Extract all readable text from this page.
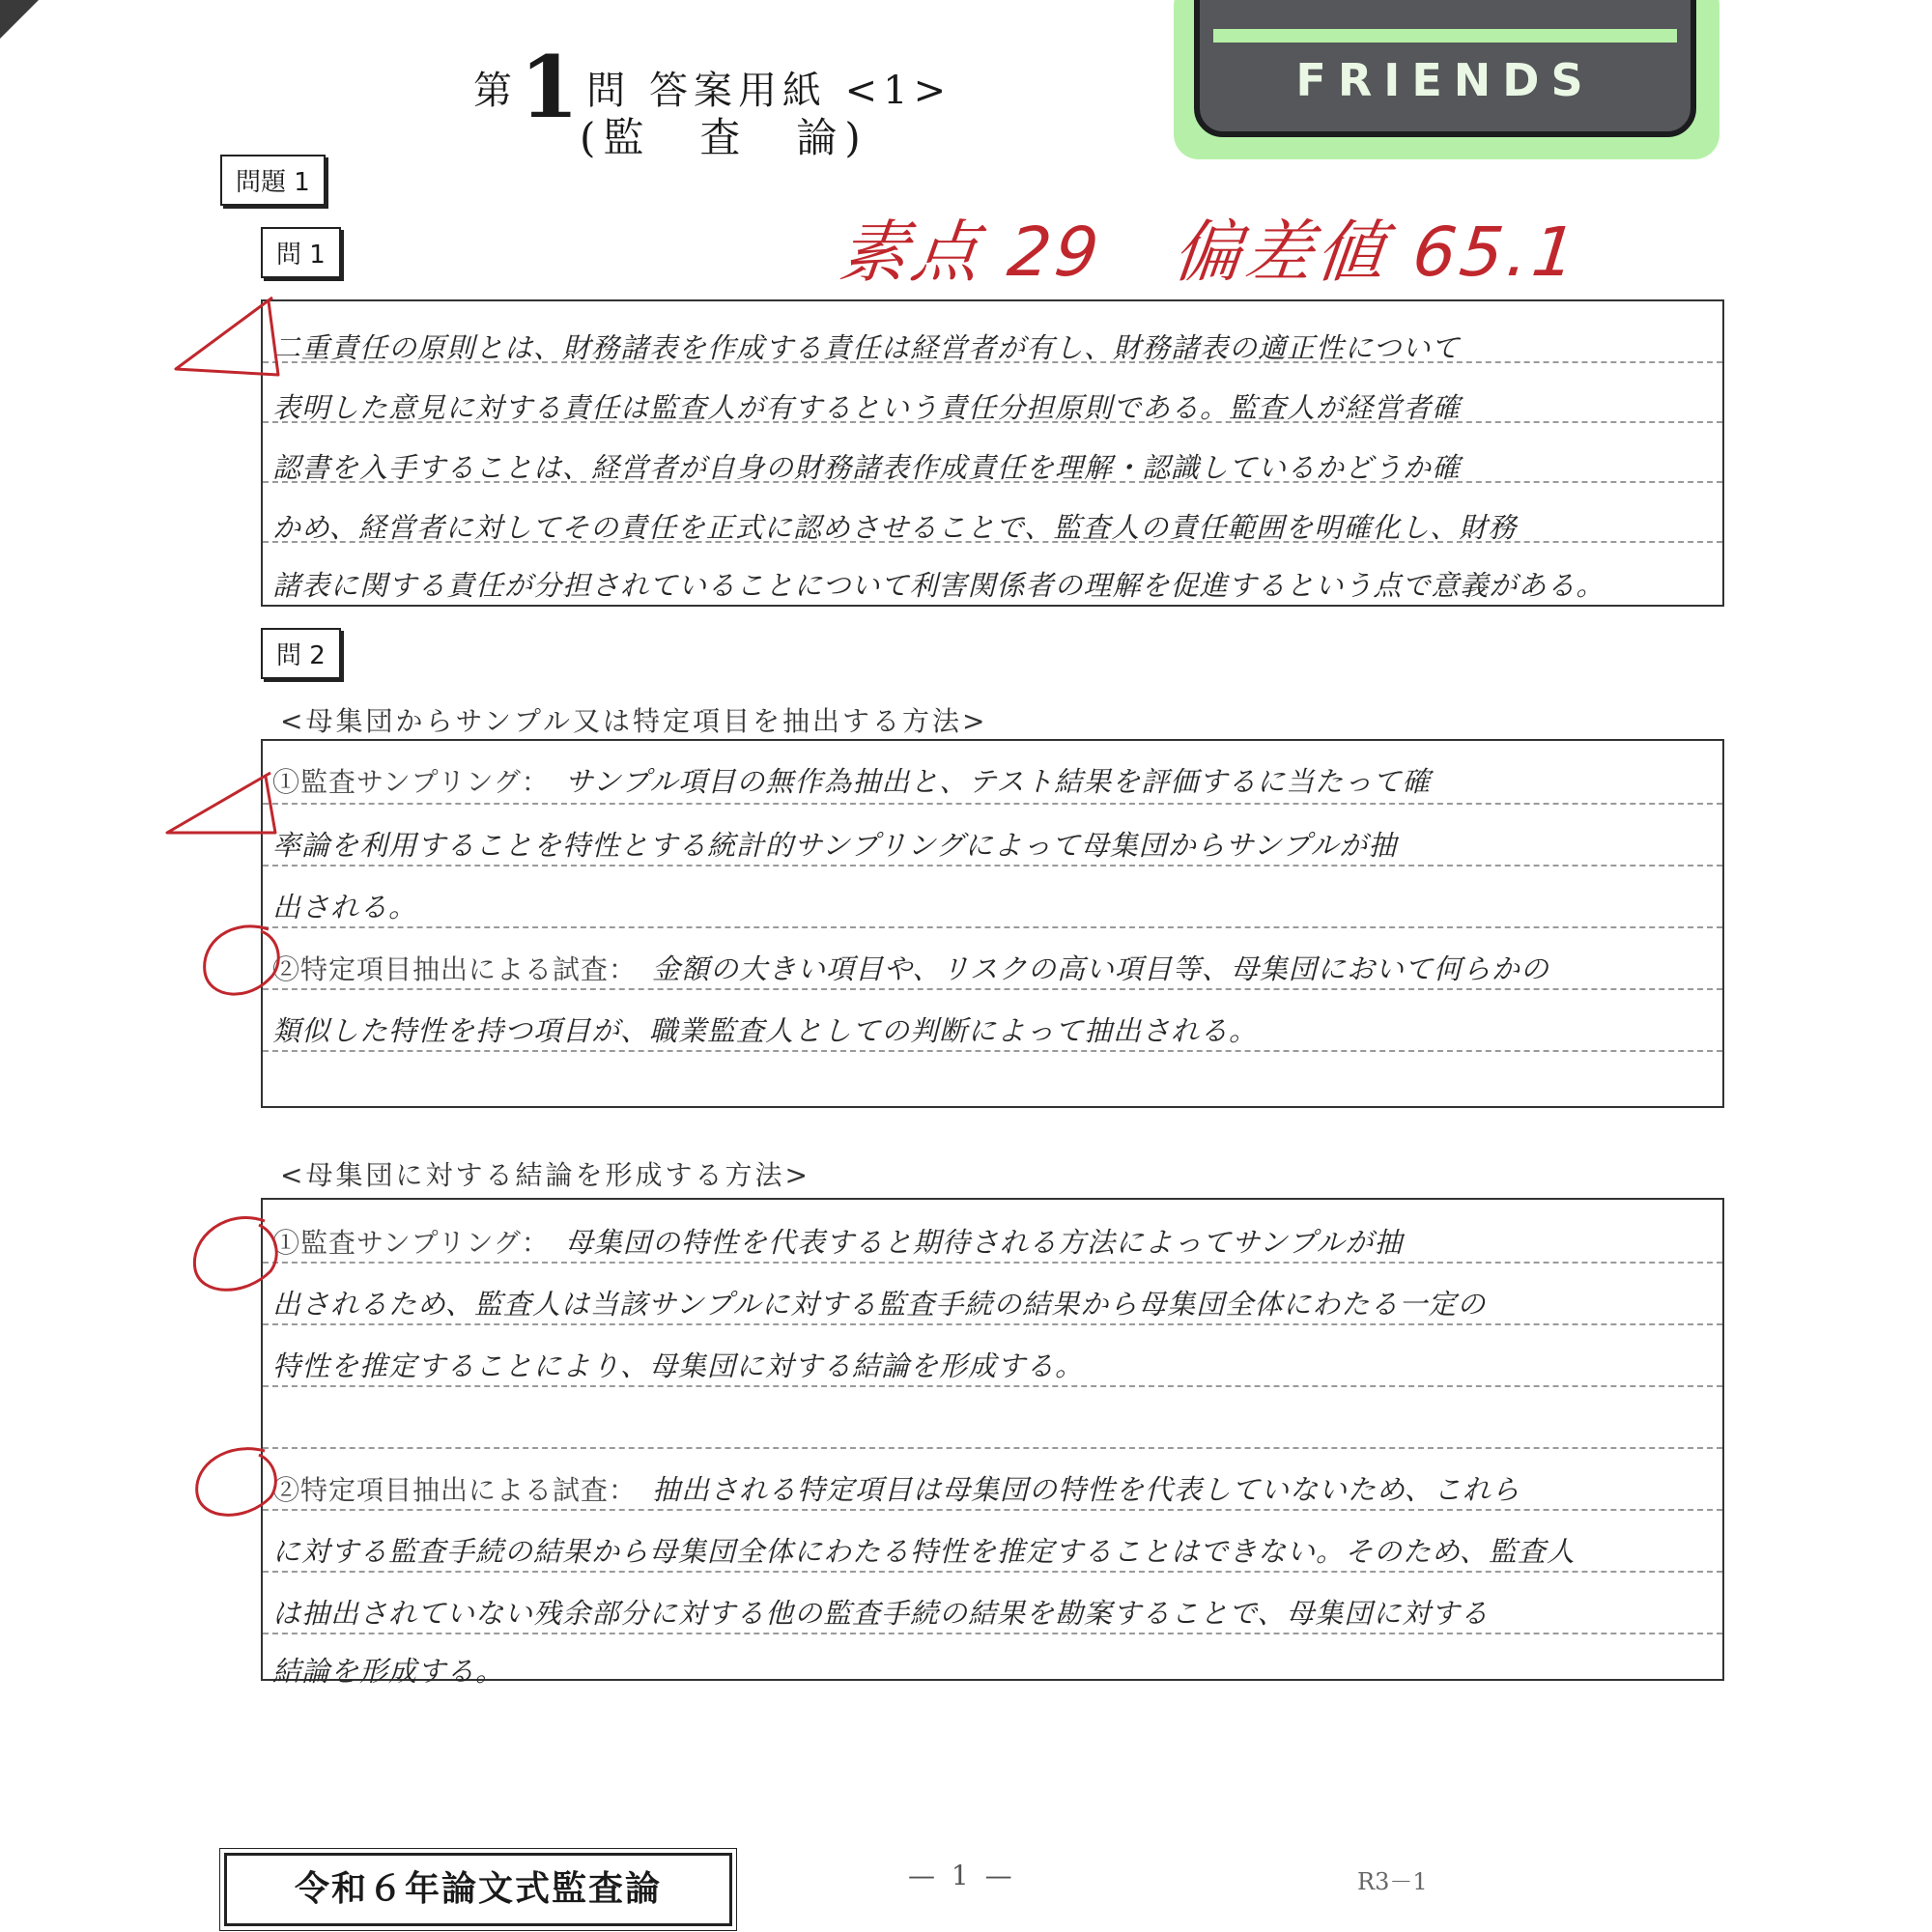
第1問 答案用紙 <1>
(監　査　論)
FRIENDS
問題 1
問 1	素点 29　偏差値 65.1
二重責任の原則とは、財務諸表を作成する責任は経営者が有し、財務諸表の適正性について
表明した意見に対する責任は監査人が有するという責任分担原則である。監査人が経営者確
認書を入手することは、経営者が自身の財務諸表作成責任を理解・認識しているかどうか確
かめ、経営者に対してその責任を正式に認めさせることで、監査人の責任範囲を明確化し、財務
諸表に関する責任が分担されていることについて利害関係者の理解を促進するという点で意義がある。
問 2
<母集団からサンプル又は特定項目を抽出する方法>
①監査サンプリング： サンプル項目の無作為抽出と、テスト結果を評価するに当たって確
率論を利用することを特性とする統計的サンプリングによって母集団からサンプルが抽
出される。
②特定項目抽出による試査： 金額の大きい項目や、リスクの高い項目等、母集団において何らかの
類似した特性を持つ項目が、職業監査人としての判断によって抽出される。
<母集団に対する結論を形成する方法>
①監査サンプリング： 母集団の特性を代表すると期待される方法によってサンプルが抽
出されるため、監査人は当該サンプルに対する監査手続の結果から母集団全体にわたる一定の
特性を推定することにより、母集団に対する結論を形成する。
②特定項目抽出による試査： 抽出される特定項目は母集団の特性を代表していないため、これら
に対する監査手続の結果から母集団全体にわたる特性を推定することはできない。そのため、監査人
は抽出されていない残余部分に対する他の監査手続の結果を勘案することで、母集団に対する
結論を形成する。
令和６年論文式監査論	— 1 —	R3－1
